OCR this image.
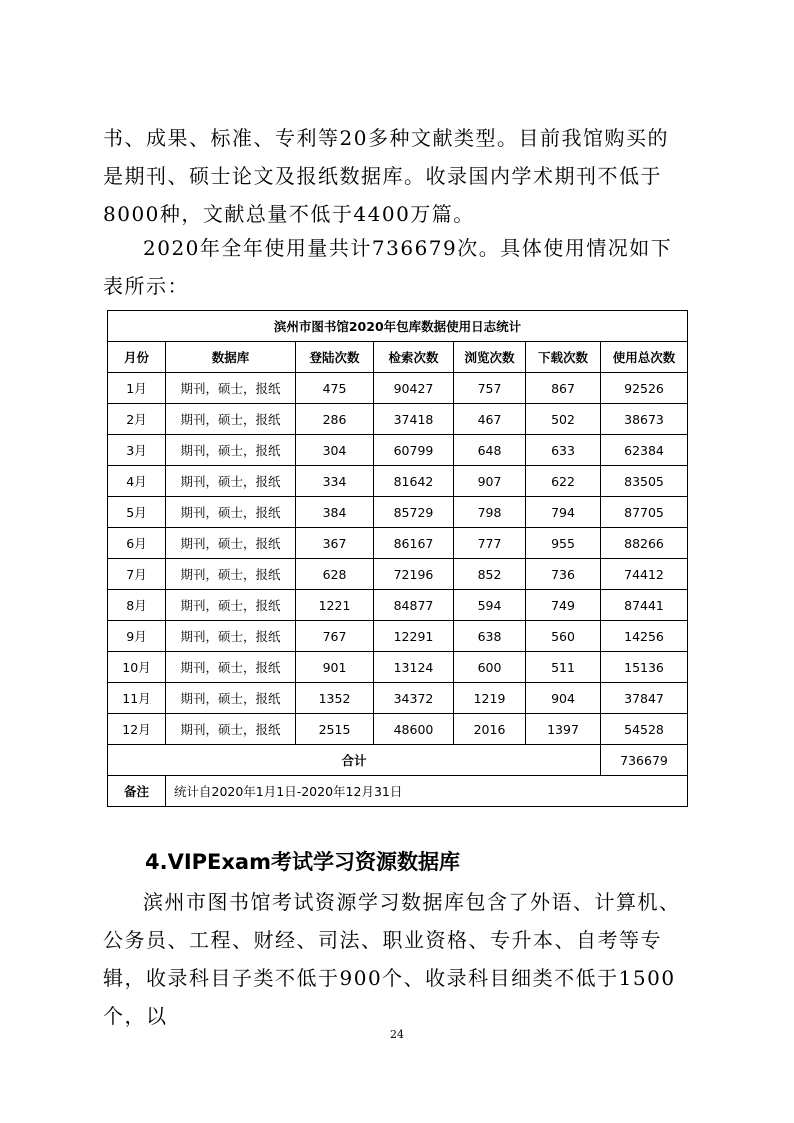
书、成果、标准、专利等20多种文献类型。目前我馆购买的是期刊、硕士论文及报纸数据库。收录国内学术期刊不低于 8000种，文献总量不低于4400万篇。

2020年全年使用量共计736679次。具体使用情况如下表所示：

滨州市图书馆2020年包库数据使用日志统计						
月份	数据库	登陆次数	检索次数	浏览次数	下载次数	使用总次数
1月	期刊，硕士，报纸	475	90427	757	867	92526
2月	期刊，硕士，报纸	286	37418	467	502	38673
3月	期刊，硕士，报纸	304	60799	648	633	62384
4月	期刊，硕士，报纸	334	81642	907	622	83505
5月	期刊，硕士，报纸	384	85729	798	794	87705
6月	期刊，硕士，报纸	367	86167	777	955	88266
7月	期刊，硕士，报纸	628	72196	852	736	74412
8月	期刊，硕士，报纸	1221	84877	594	749	87441
9月	期刊，硕士，报纸	767	12291	638	560	14256
10月	期刊，硕士，报纸	901	13124	600	511	15136
11月	期刊，硕士，报纸	1352	34372	1219	904	37847
12月	期刊，硕士，报纸	2515	48600	2016	1397	54528
合计						736679
备注	统计自2020年1月1日-2020年12月31日					
4.VIPExam考试学习资源数据库

滨州市图书馆考试资源学习数据库包含了外语、计算机、公务员、工程、财经、司法、职业资格、专升本、自考等专辑，收录科目子类不低于900个、收录科目细类不低于1500个，以

24
